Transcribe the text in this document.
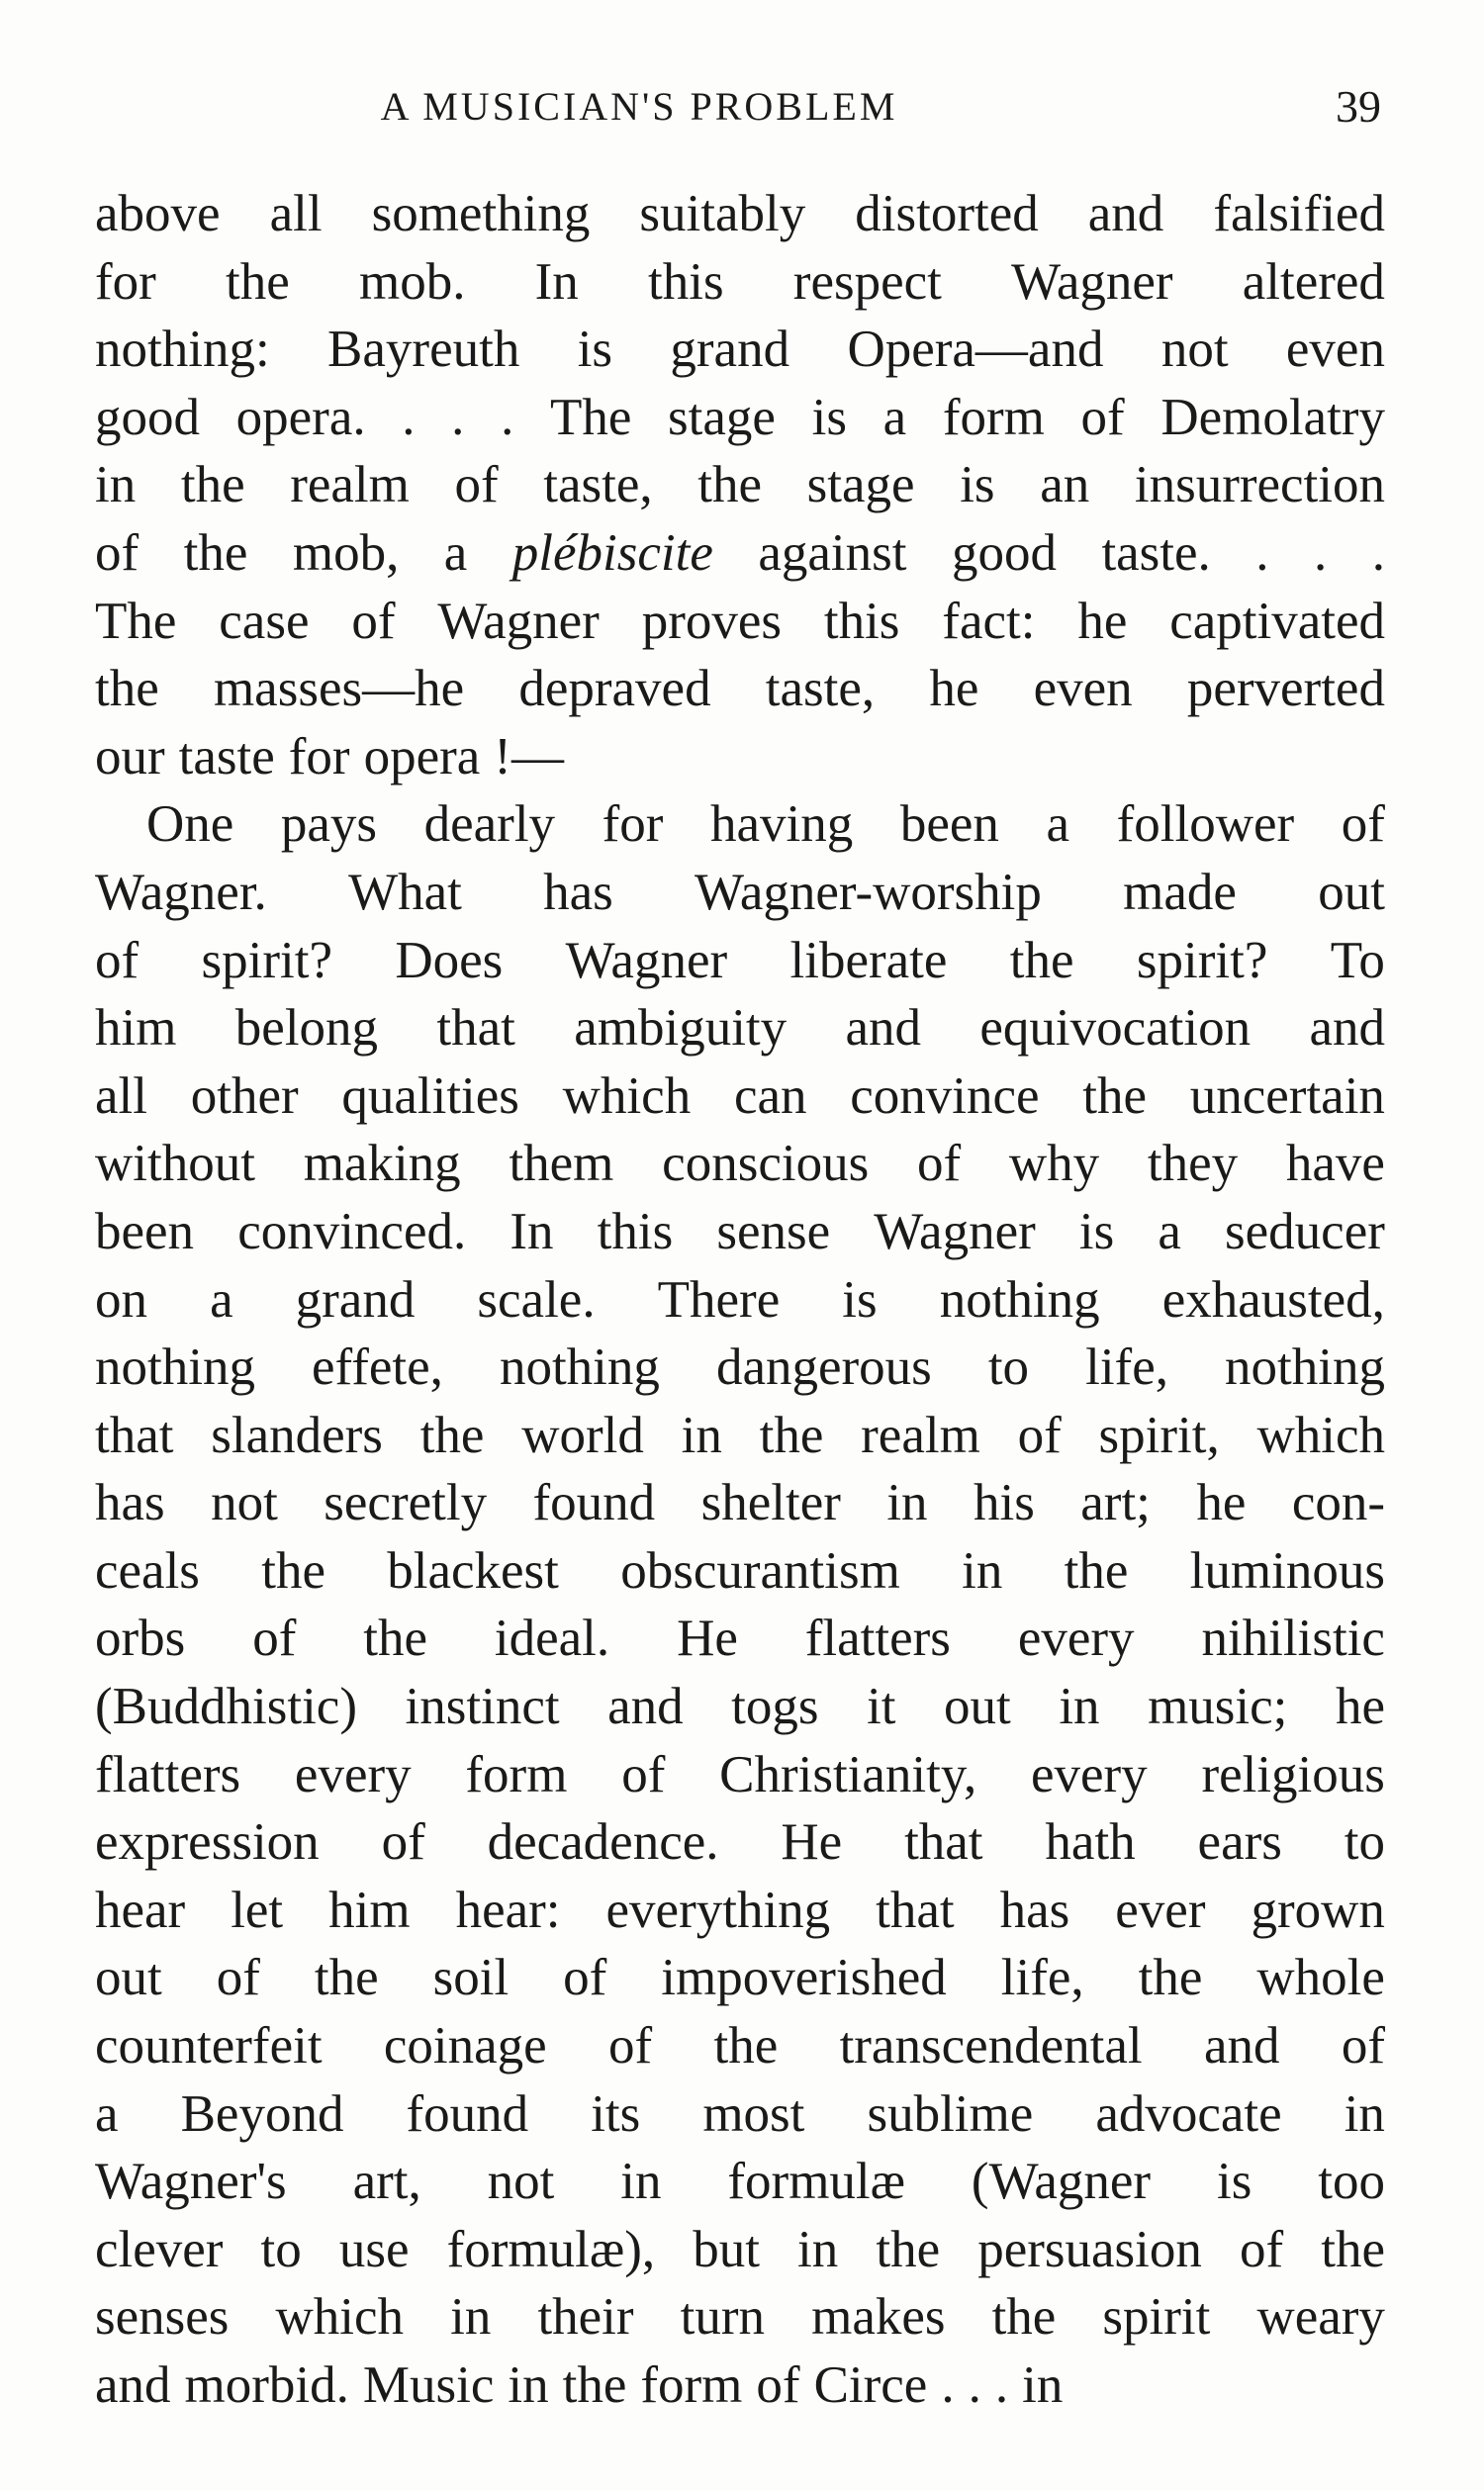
A MUSICIAN'S PROBLEM	39
above all something suitably distorted and falsified
for the mob. In this respect Wagner altered
nothing: Bayreuth is grand Opera—and not even
good opera. . . . The stage is a form of Demolatry
in the realm of taste, the stage is an insurrection
of the mob, a plébiscite against good taste. . . .
The case of Wagner proves this fact: he captivated
the masses—he depraved taste, he even perverted
our taste for opera !—
One pays dearly for having been a follower of
Wagner. What has Wagner-worship made out
of spirit? Does Wagner liberate the spirit? To
him belong that ambiguity and equivocation and
all other qualities which can convince the uncertain
without making them conscious of why they have
been convinced. In this sense Wagner is a seducer
on a grand scale. There is nothing exhausted,
nothing effete, nothing dangerous to life, nothing
that slanders the world in the realm of spirit, which
has not secretly found shelter in his art; he con-
ceals the blackest obscurantism in the luminous
orbs of the ideal. He flatters every nihilistic
(Buddhistic) instinct and togs it out in music; he
flatters every form of Christianity, every religious
expression of decadence. He that hath ears to
hear let him hear: everything that has ever grown
out of the soil of impoverished life, the whole
counterfeit coinage of the transcendental and of
a Beyond found its most sublime advocate in
Wagner's art, not in formulæ (Wagner is too
clever to use formulæ), but in the persuasion of the
senses which in their turn makes the spirit weary
and morbid. Music in the form of Circe . . . in
